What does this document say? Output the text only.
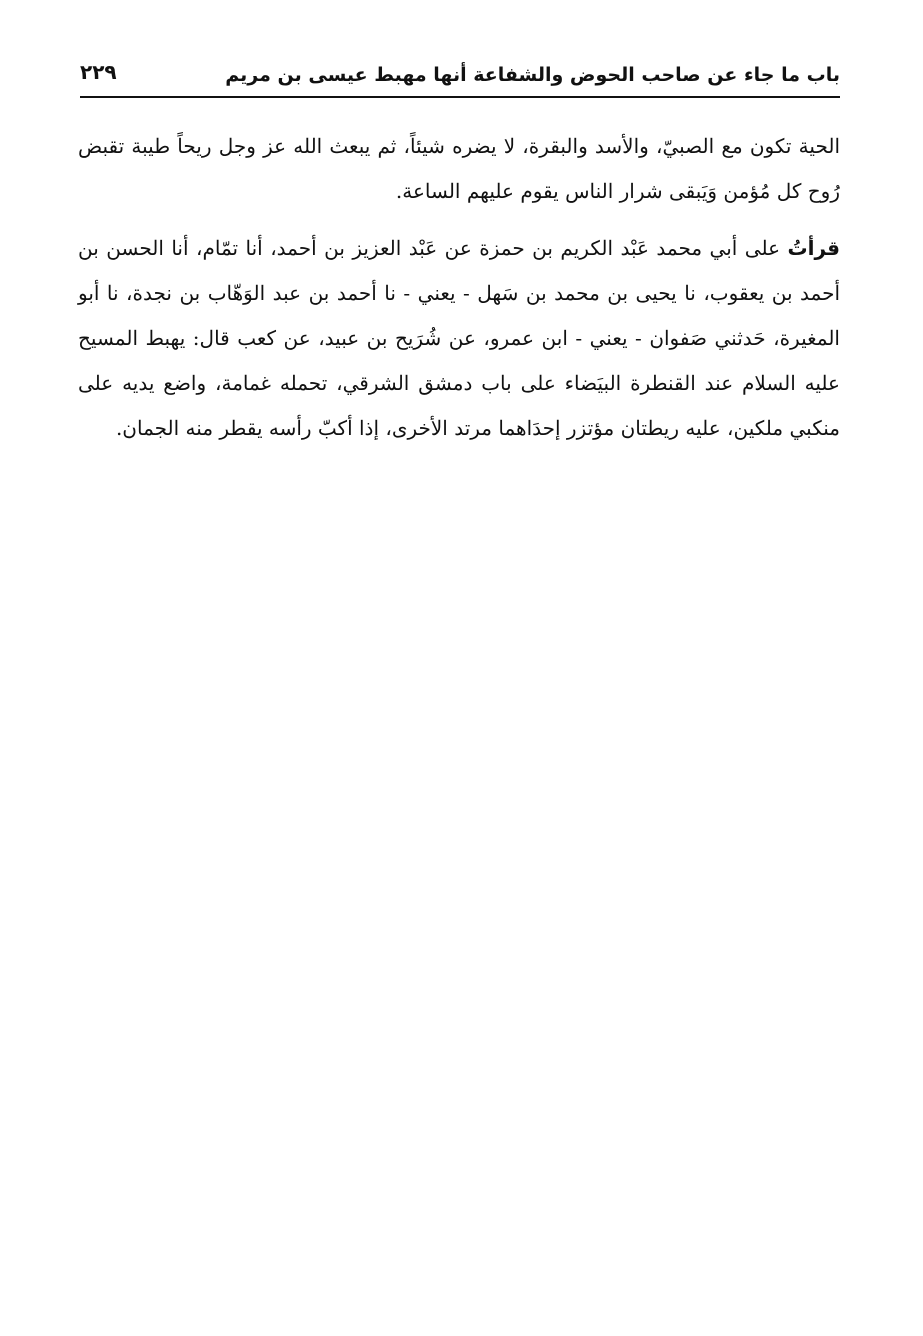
باب ما جاء عن صاحب الحوض والشفاعة أنها مهبط عيسى بن مريم
٢٢٩

الحية تكون مع الصبيّ، والأسد والبقرة، لا يضره شيئاً، ثم يبعث الله عز وجل ريحاً طيبة تقبض رُوح كل مُؤمن وَيَبقى شرار الناس يقوم عليهم الساعة.

قرأتُ على أبي محمد عَبْد الكريم بن حمزة عن عَبْد العزيز بن أحمد، أنا تمّام، أنا الحسن بن أحمد بن يعقوب، نا يحيى بن محمد بن سَهل - يعني - نا أحمد بن عبد الوَهّاب بن نجدة، نا أبو المغيرة، حَدثني صَفوان - يعني - ابن عمرو، عن شُرَيح بن عبيد، عن كعب قال: يهبط المسيح عليه السلام عند القنطرة البيَضاء على باب دمشق الشرقي، تحمله غمامة، واضع يديه على منكبي ملكين، عليه ريطتان مؤتزر إحدَاهما مرتد الأخرى، إذا أكبّ رأسه يقطر منه الجمان.
